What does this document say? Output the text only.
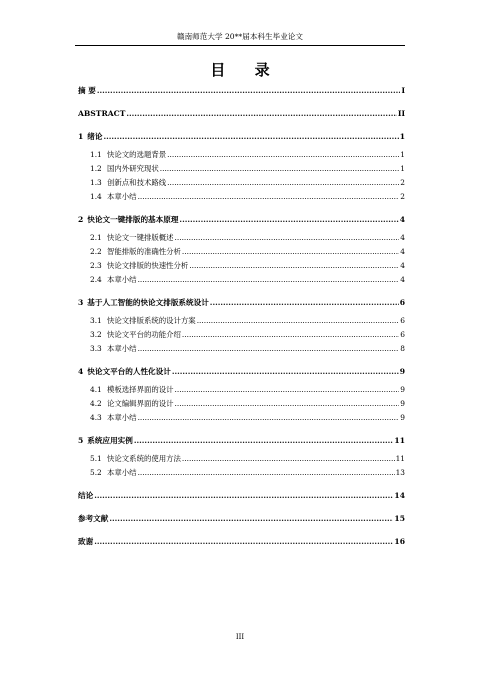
赣南师范大学 20**届本科生毕业论文
目 录
摘 要 .....	I
ABSTRACT .....	II
1 绪论 .....	1
1.1 快论文的选题背景 .....	1
1.2 国内外研究现状 .....	1
1.3 创新点和技术路线 .....	2
1.4 本章小结 .....	2
2 快论文一键排版的基本原理 .....	4
2.1 快论文一键排版概述 .....	4
2.2 智能排版的准确性分析 .....	4
2.3 快论文排版的快速性分析 .....	4
2.4 本章小结 .....	4
3 基于人工智能的快论文排版系统设计 .....	6
3.1 快论文排版系统的设计方案 .....	6
3.2 快论文平台的功能介绍 .....	6
3.3 本章小结 .....	8
4 快论文平台的人性化设计 .....	9
4.1 模板选择界面的设计 .....	9
4.2 论文编辑界面的设计 .....	9
4.3 本章小结 .....	9
5 系统应用实例 .....	11
5.1 快论文系统的使用方法 .....	11
5.2 本章小结 .....	13
结论 .....	14
参考文献 .....	15
致谢 .....	16
III
